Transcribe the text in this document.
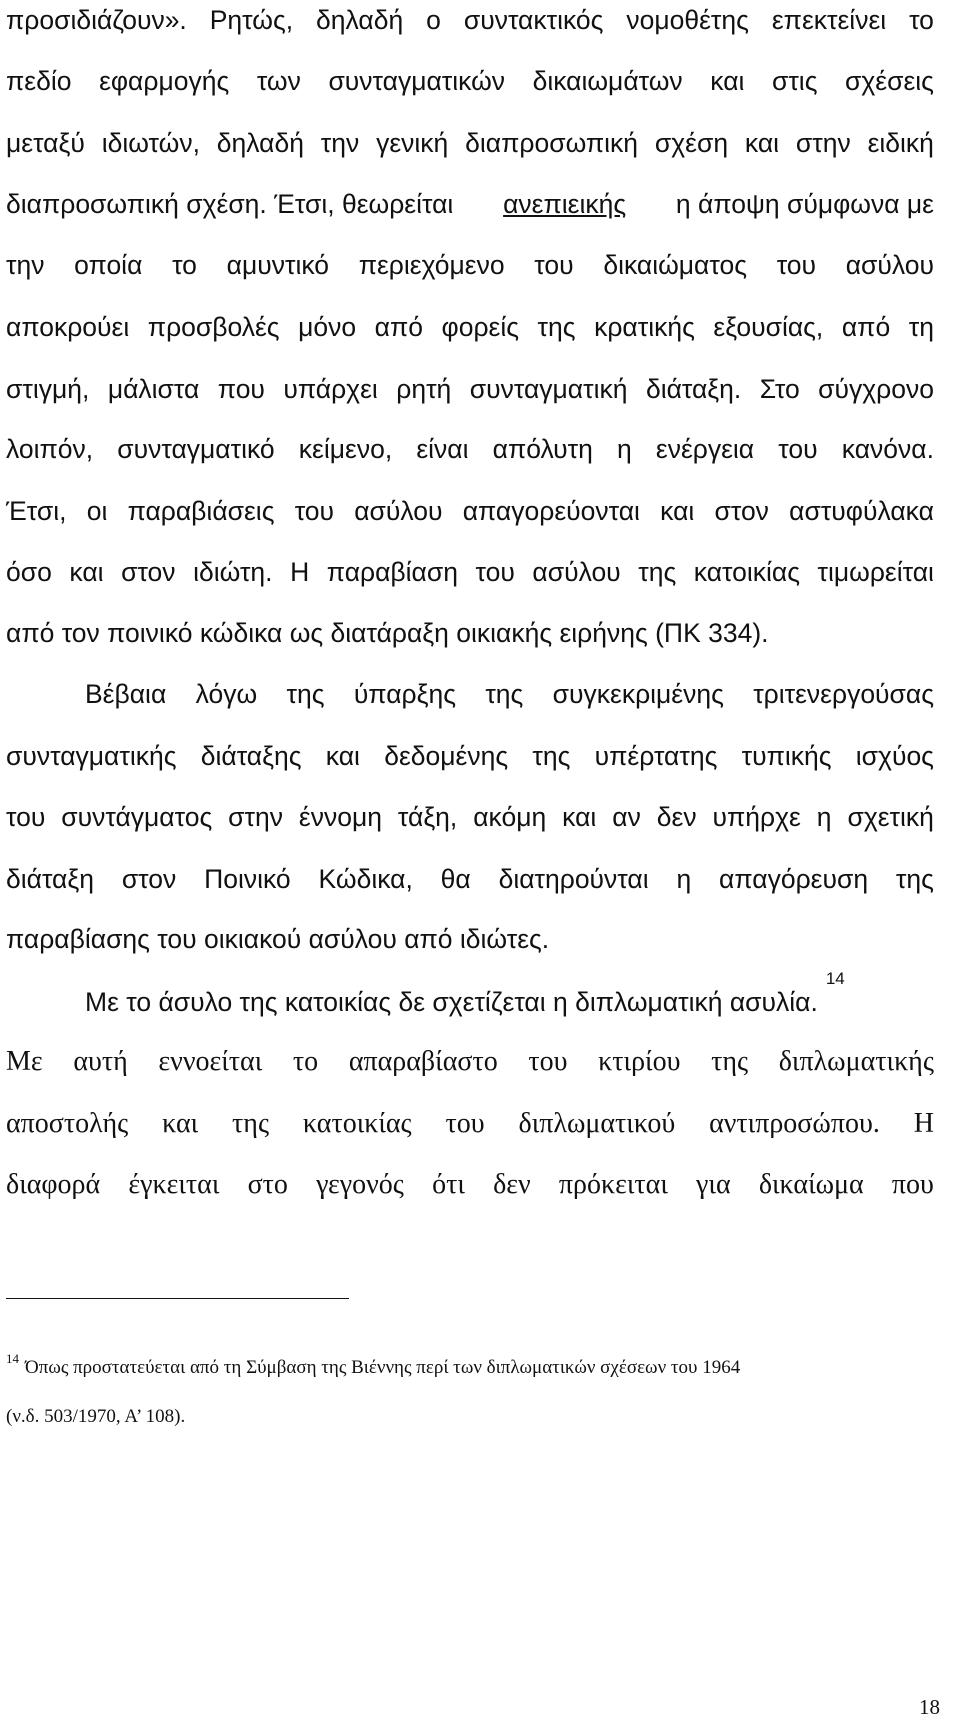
προσιδιάζουν». Ρητώς, δηλαδή ο συντακτικός νομοθέτης επεκτείνει το
πεδίο εφαρμογής των συνταγματικών δικαιωμάτων και στις σχέσεις
μεταξύ ιδιωτών, δηλαδή την γενική διαπροσωπική σχέση και στην ειδική
διαπροσωπική σχέση. Έτσι, θεωρείται ανεπιεικής η άποψη σύμφωνα με
την οποία το αμυντικό περιεχόμενο του δικαιώματος του ασύλου
αποκρούει προσβολές μόνο από φορείς της κρατικής εξουσίας, από τη
στιγμή, μάλιστα που υπάρχει ρητή συνταγματική διάταξη. Στο σύγχρονο
λοιπόν, συνταγματικό κείμενο, είναι απόλυτη η ενέργεια του κανόνα.
Έτσι, οι παραβιάσεις του ασύλου απαγορεύονται και στον αστυφύλακα
όσο και στον ιδιώτη. Η παραβίαση του ασύλου της κατοικίας τιμωρείται
από τον ποινικό κώδικα ως διατάραξη οικιακής ειρήνης (ΠΚ 334).
Βέβαια λόγω της ύπαρξης της συγκεκριμένης τριτενεργούσας
συνταγματικής διάταξης και δεδομένης της υπέρτατης τυπικής ισχύος
του συντάγματος στην έννομη τάξη, ακόμη και αν δεν υπήρχε η σχετική
διάταξη στον Ποινικό Κώδικα, θα διατηρούνται η απαγόρευση της
παραβίασης του οικιακού ασύλου από ιδιώτες.
Με το άσυλο της κατοικίας δε σχετίζεται η διπλωματική ασυλία.
14
Με αυτή εννοείται το απαραβίαστο του κτιρίου της διπλωματικής
αποστολής και της κατοικίας του διπλωματικού αντιπροσώπου. Η
διαφορά έγκειται στο γεγονός ότι δεν πρόκειται για δικαίωμα που
$^{14}$ Όπως προστατεύεται από τη Σύμβαση της Βιέννης περί των διπλωματικών σχέσεων του 1964
(ν.δ. 503/1970, Α’ 108).
18
